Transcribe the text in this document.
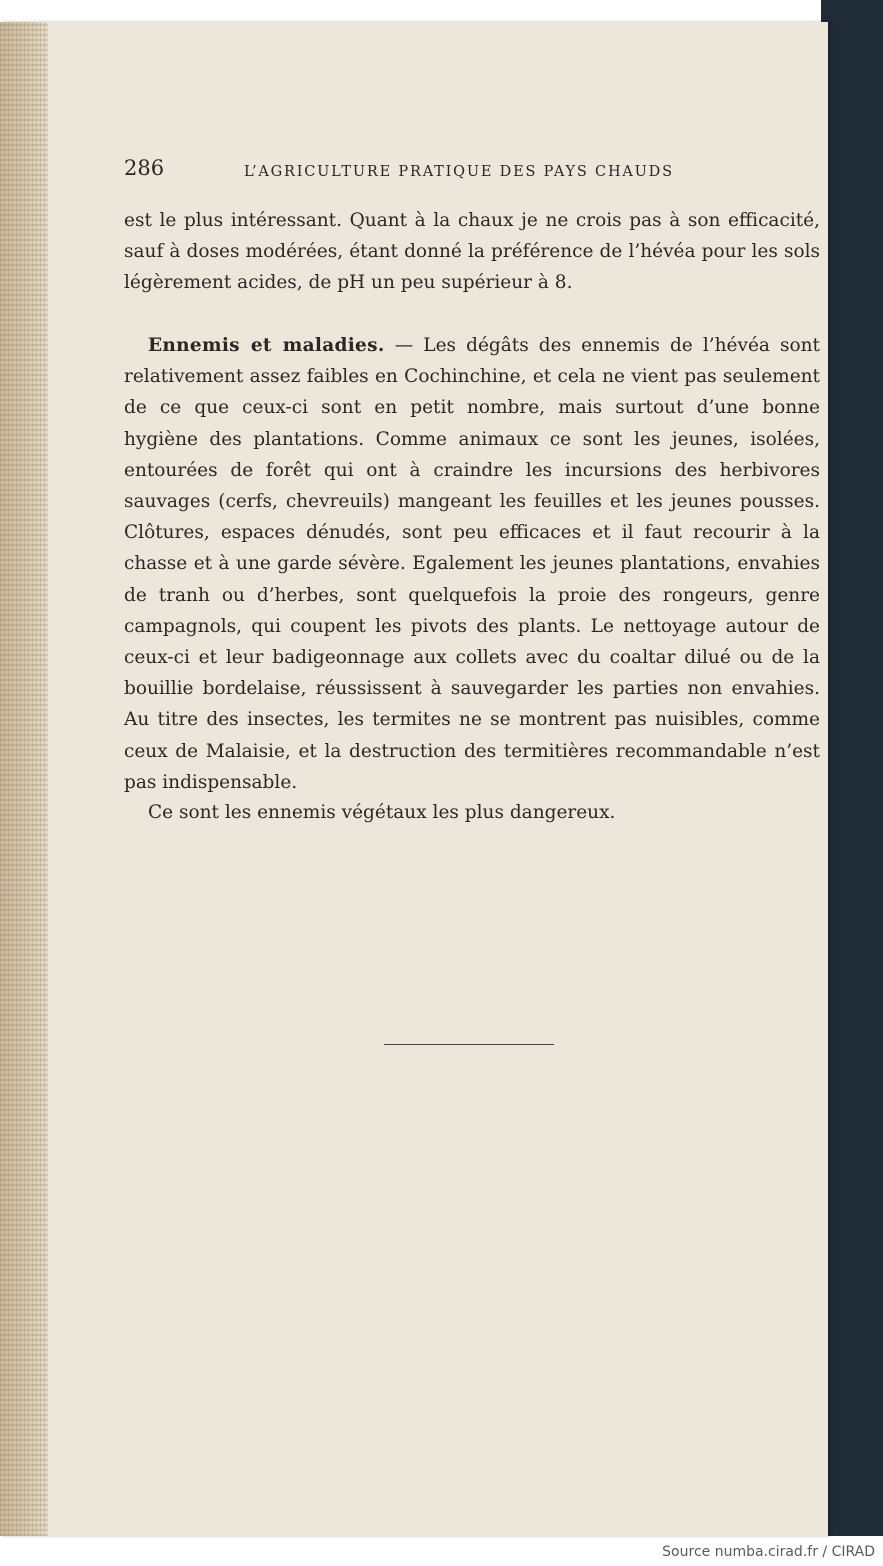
286	L’AGRICULTURE PRATIQUE DES PAYS CHAUDS

est le plus intéressant. Quant à la chaux je ne crois pas à son efficacité, sauf à doses modérées, étant donné la préférence de l’hévéa pour les sols légèrement acides, de pH un peu supérieur à 8.

Ennemis et maladies. — Les dégâts des ennemis de l’hévéa sont relativement assez faibles en Cochinchine, et cela ne vient pas seulement de ce que ceux-ci sont en petit nombre, mais surtout d’une bonne hygiène des plantations. Comme animaux ce sont les jeunes, isolées, entourées de forêt qui ont à craindre les incursions des herbivores sauvages (cerfs, chevreuils) mangeant les feuilles et les jeunes pousses. Clôtures, espaces dénudés, sont peu efficaces et il faut recourir à la chasse et à une garde sévère. Egalement les jeunes plantations, envahies de tranh ou d’herbes, sont quelquefois la proie des rongeurs, genre campagnols, qui coupent les pivots des plants. Le nettoyage autour de ceux-ci et leur badigeonnage aux collets avec du coaltar dilué ou de la bouillie bordelaise, réussissent à sauvegarder les parties non envahies. Au titre des insectes, les termites ne se montrent pas nuisibles, comme ceux de Malaisie, et la destruction des termitières recommandable n’est pas indispensable.

Ce sont les ennemis végétaux les plus dangereux.

Source numba.cirad.fr / CIRAD
